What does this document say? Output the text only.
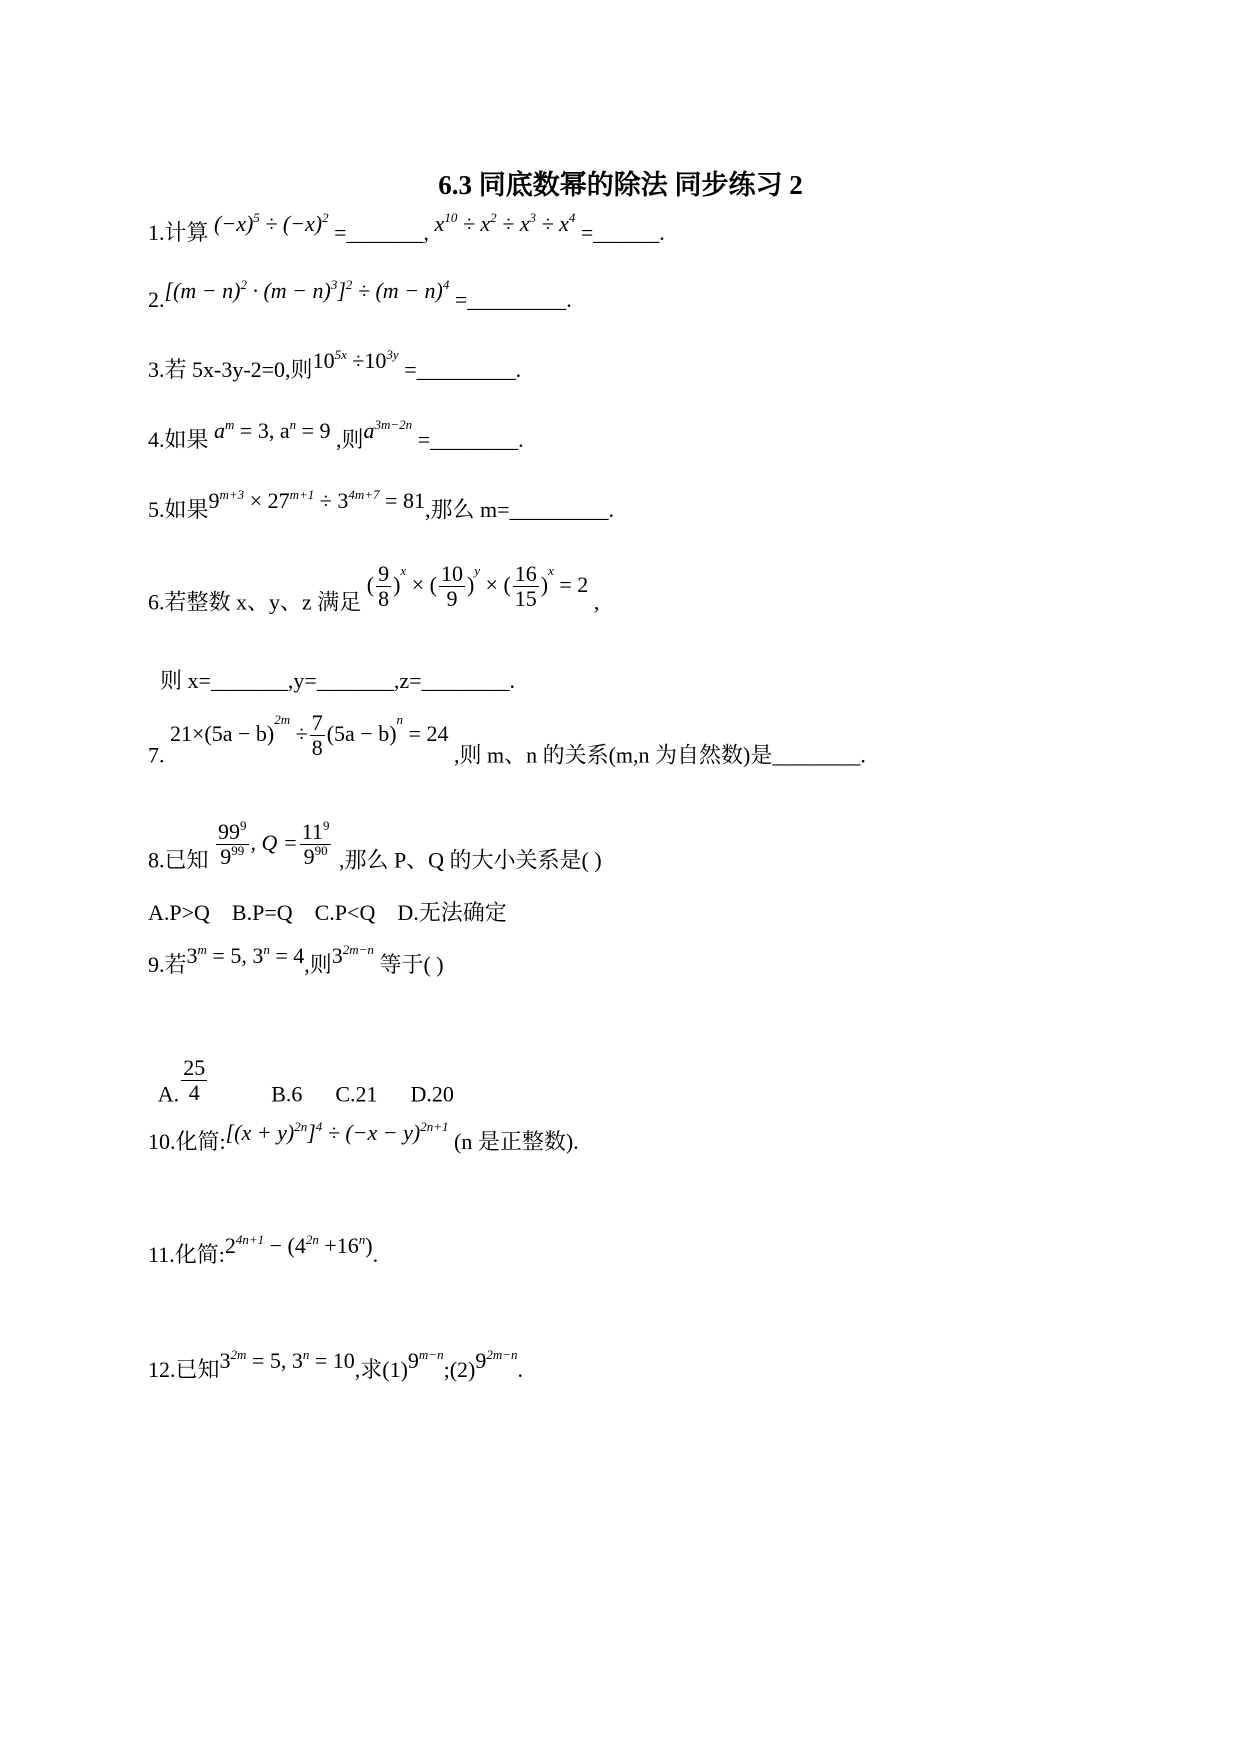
6.3 同底数幂的除法 同步练习 2
1.计算 $(-x)^5 \div (-x)^2$ =_______, $x^{10} \div x^2 \div x^3 \div x^4$ =______.
$2.[(m - n)^2 \cdot (m - n)^3]^2 \div (m - n)^4$ =_________.
3.若 5x-3y-2=0,则$10^{5x} \div 10^{3y}$ =_________.
4.如果 $a^m = 3$, $a^n = 9$ ,则$a^{3m-2n}$ =________.
5.如果$9^{m+3} \times 27^{m+1} \div 3^{4m+7} = 81$,那么 m=_________.
6.若整数 x、y、z 满足 ( $\frac{9}{8} )^x$ × ( $\frac{10}{9} )^y$ × ( $\frac{16}{15} )^x = 2$ ,
则 x=_______,y=_______,z=________.
7. $21\times(5a - b)^{2m} \div \frac{7}{8} (5a - b)^n = 24$ ,则 m、n 的关系(m,n 为自然数)是________.
8.已知 $\frac{99^9}{9^{99}}$ , $Q = \frac{11^9}{9^{90}}$ ,那么 P、Q 的大小关系是( )
A.P>Q    B.P=Q    C.P<Q    D.无法确定
9.若$3^m = 5$, $3^n = 4$,则$3^{2m-n}$ 等于( )

A. $\frac{25}{4}$	B.6      C.21      D.20

10.化简:[(x + $y)^{2n}]^4 \div (-x - y)^{2n+1}$ (n 是正整数).
11.化简$:2^{4n+1} - (4^{2n} +16^n)$.
12.已知$3^{2m} = 5$, $3^n = 10$,求$(1)9^{m-n};(2)9^{2m-n}$.
